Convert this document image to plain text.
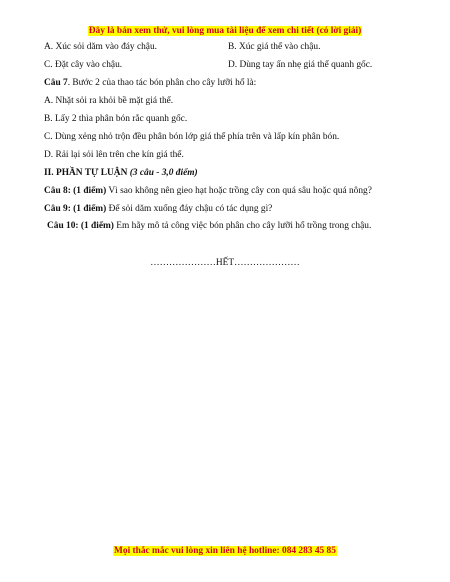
Đây là bản xem thử, vui lòng mua tài liệu để xem chi tiết (có lời giải)
A. Xúc sỏi dăm vào đáy chậu.	B. Xúc giá thể vào chậu.
C. Đặt cây vào chậu.	D. Dùng tay ấn nhẹ giá thể quanh gốc.
Câu 7. Bước 2 của thao tác bón phân cho cây lưỡi hổ là:
A. Nhặt sỏi ra khỏi bề mặt giá thể.
B. Lấy 2 thìa phân bón rắc quanh gốc.
C. Dùng xẻng nhỏ trộn đều phân bón lớp giá thể phía trên và lấp kín phân bón.
D. Rải lại sỏi lên trên che kín giá thể.
II. PHẦN TỰ LUẬN (3 câu - 3,0 điểm)
Câu 8: (1 điểm) Vì sao không nên gieo hạt hoặc trồng cây con quá sâu hoặc quá nông?
Câu 9: (1 điểm) Để sỏi dăm xuống đáy chậu có tác dụng gì?
Câu 10: (1 điểm) Em hãy mô tả công việc bón phân cho cây lưỡi hổ trồng trong chậu.
…………………HẾT…………………
Mọi thắc mắc vui lòng xin liên hệ hotline: 084 283 45 85
